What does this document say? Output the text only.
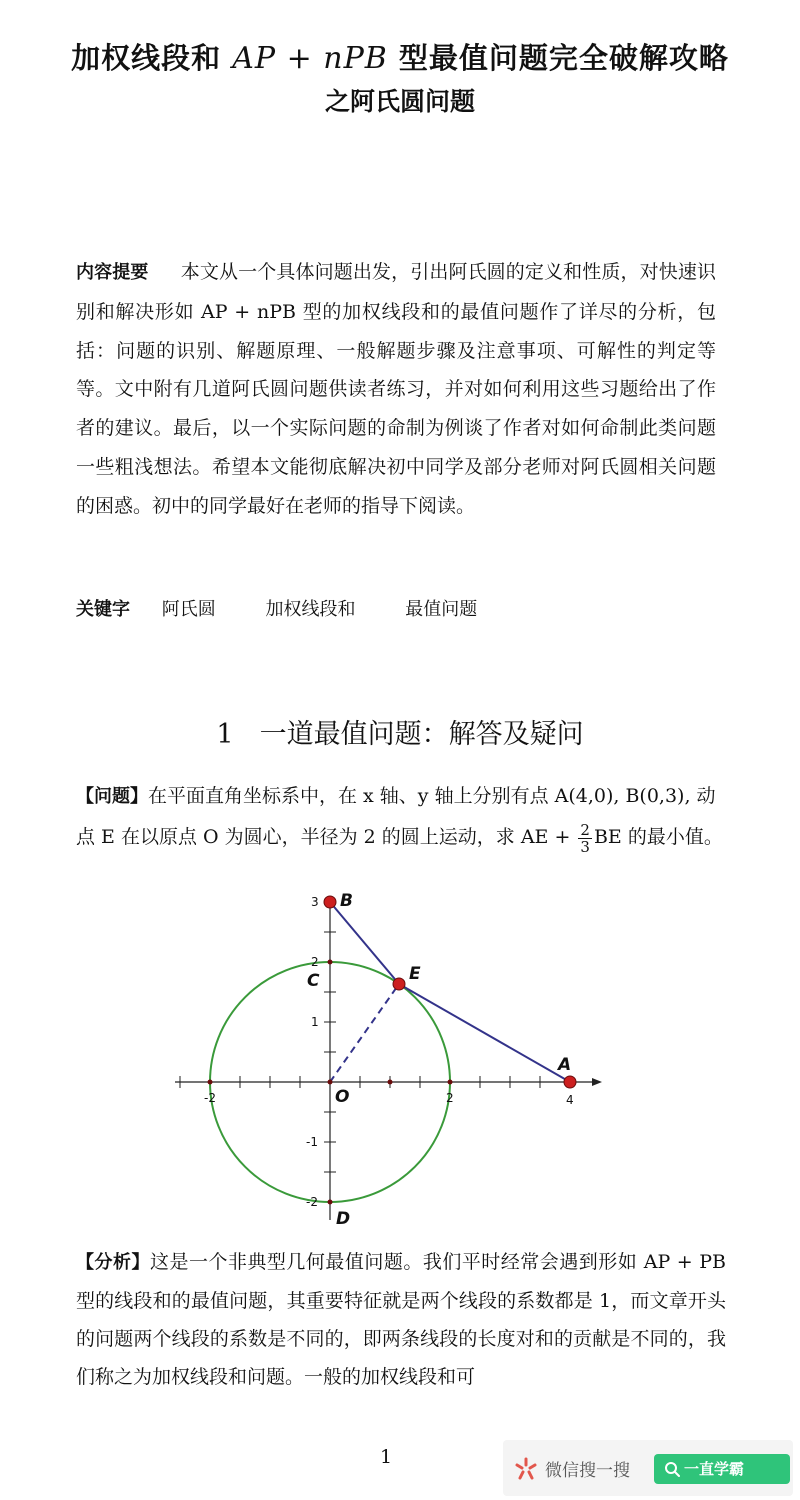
加权线段和 AP + nPB 型最值问题完全破解攻略
之阿氏圆问题
内容提要 本文从一个具体问题出发，引出阿氏圆的定义和性质，对快速识别和解决形如 AP + nPB 型的加权线段和的最值问题作了详尽的分析，包括：问题的识别、解题原理、一般解题步骤及注意事项、可解性的判定等等。文中附有几道阿氏圆问题供读者练习，并对如何利用这些习题给出了作者的建议。最后，以一个实际问题的命制为例谈了作者对如何命制此类问题一些粗浅想法。希望本文能彻底解决初中同学及部分老师对阿氏圆相关问题的困惑。初中的同学最好在老师的指导下阅读。
关键字 阿氏圆	加权线段和	最值问题
1 一道最值问题：解答及疑问
【问题】在平面直角坐标系中，在 x 轴、y 轴上分别有点 A(4,0), B(0,3), 动点 E 在以原点 O 为圆心，半径为 2 的圆上运动，求 AE + $\frac{2}{3}$ BE 的最小值。
-2	2	4
3
2
1
-1
-2
B
E
A
C
D
O
【分析】这是一个非典型几何最值问题。我们平时经常会遇到形如 AP + PB 型的线段和的最值问题，其重要特征就是两个线段的系数都是 1，而文章开头的问题两个线段的系数是不同的，即两条线段的长度对和的贡献是不同的，我们称之为加权线段和问题。一般的加权线段和可
1
微信搜一搜	一直学霸
